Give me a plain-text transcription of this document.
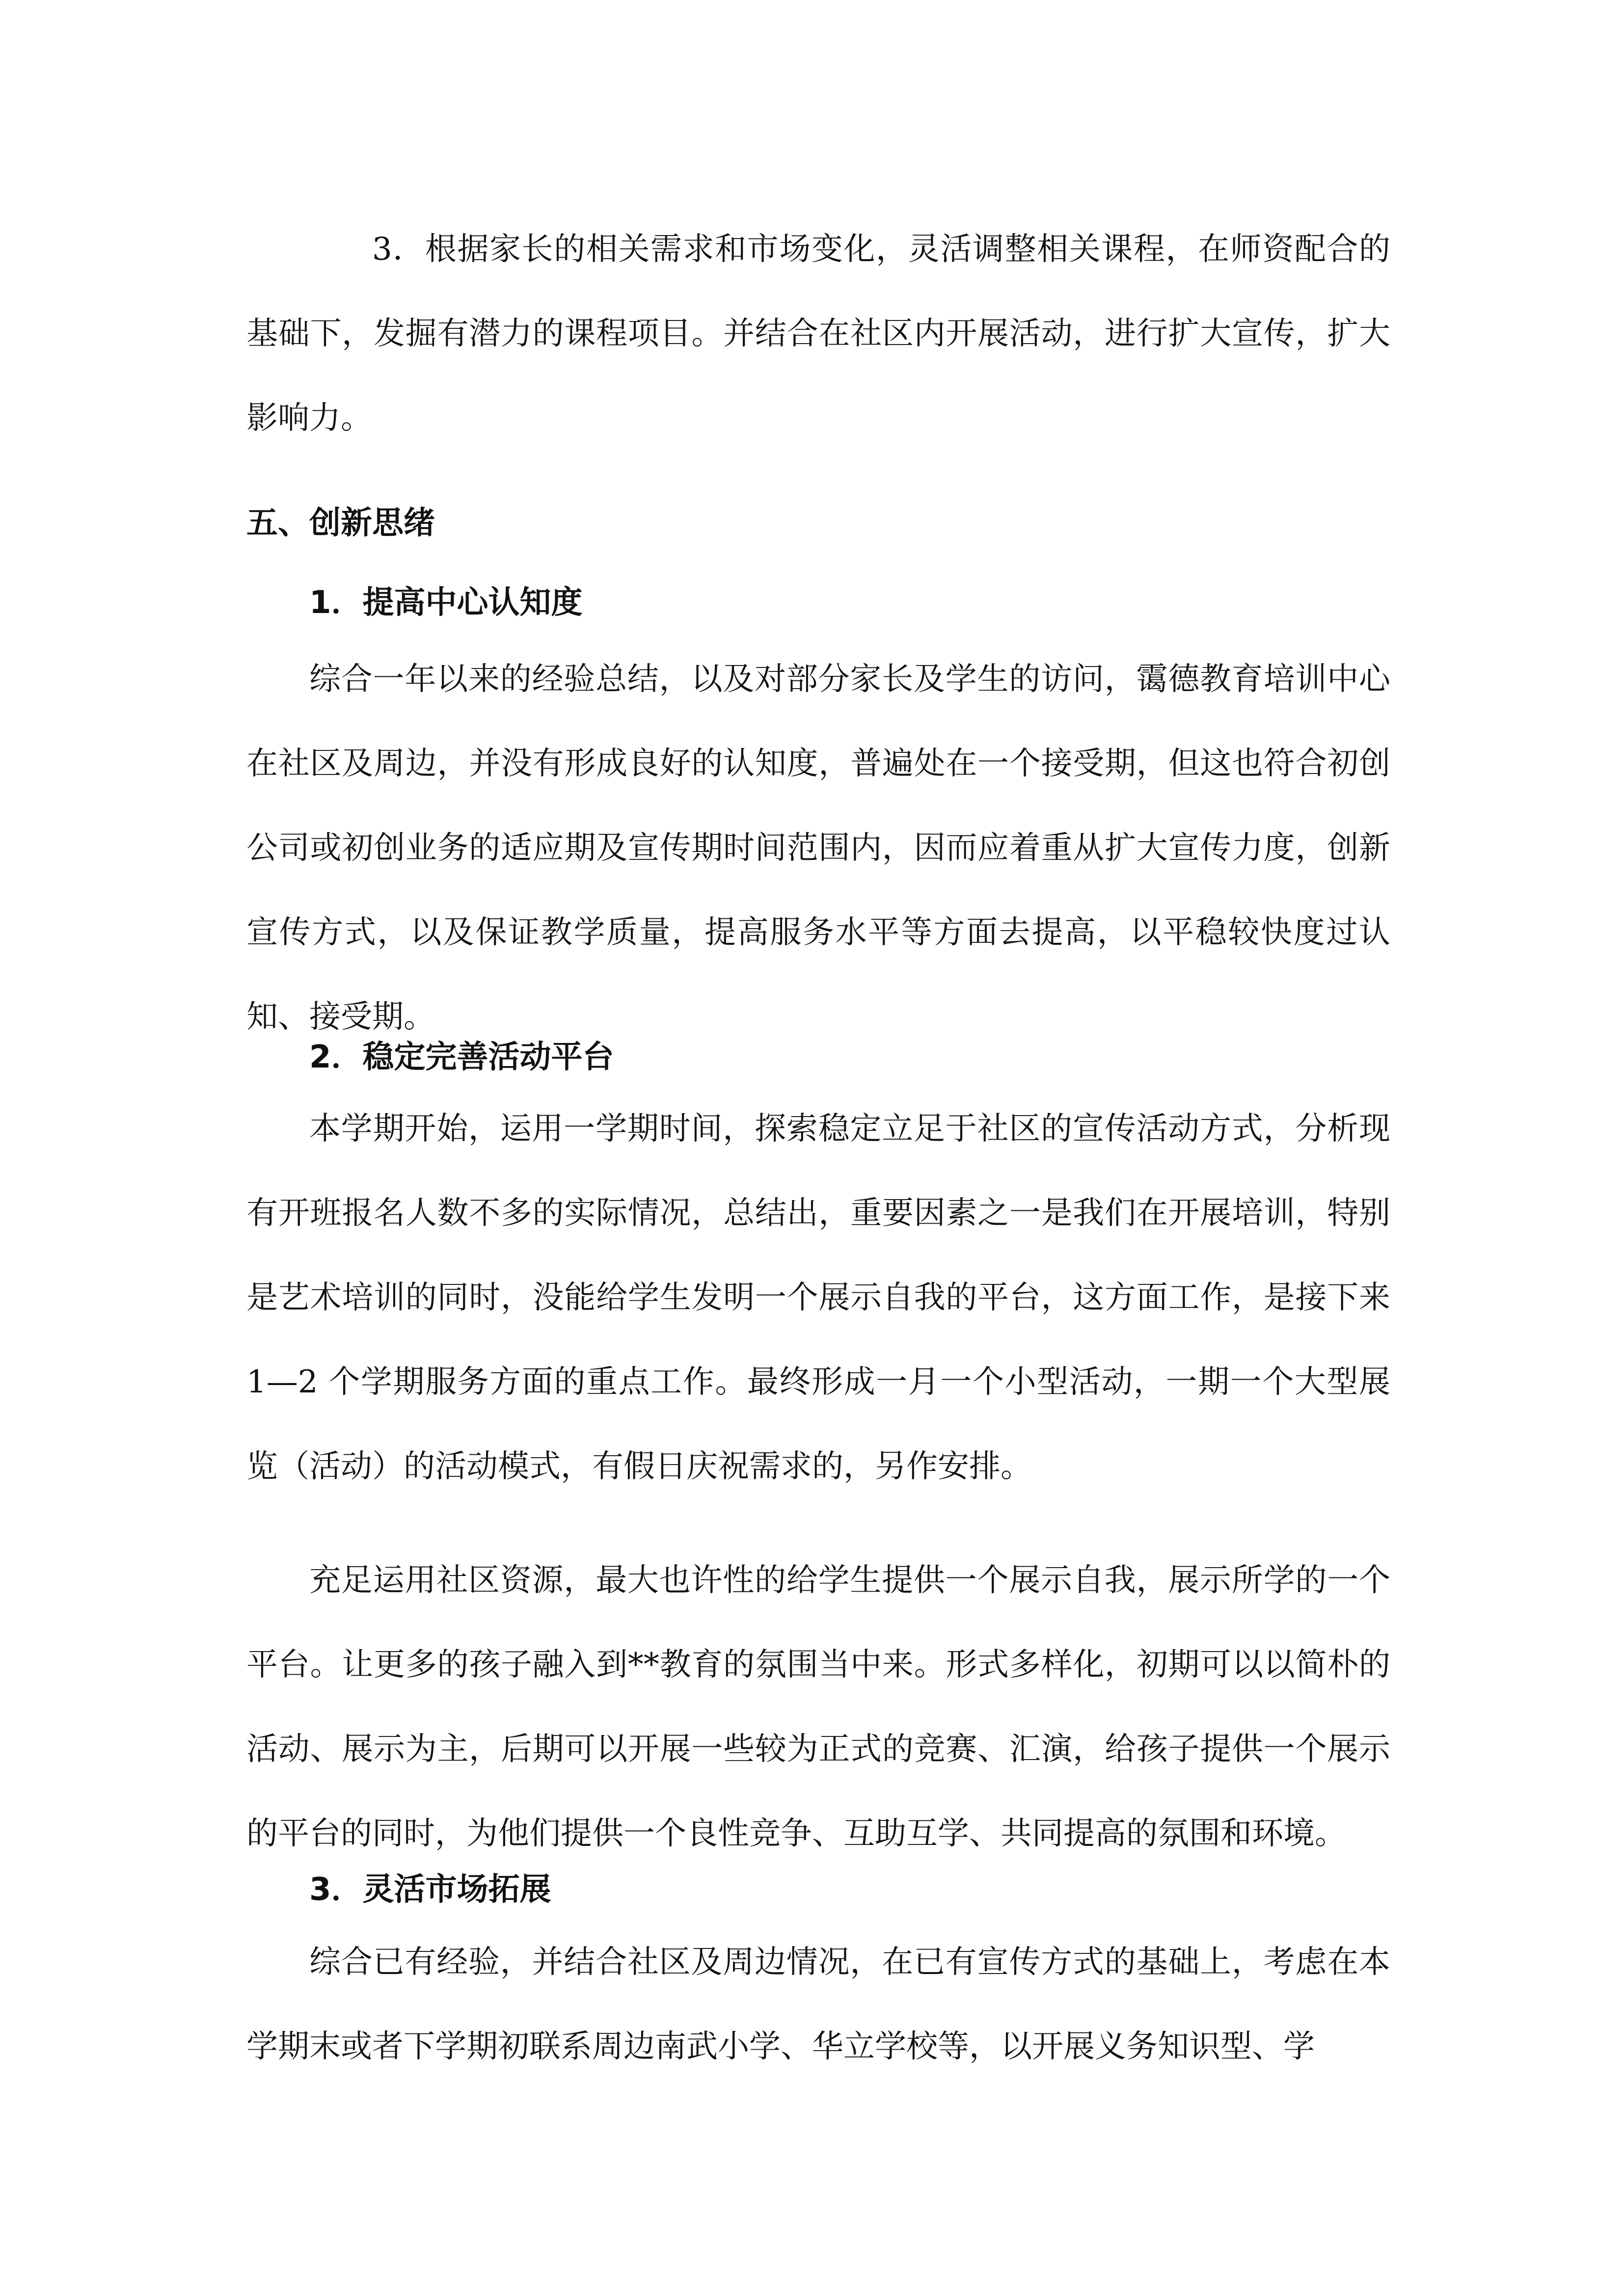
3．根据家长的相关需求和市场变化，灵活调整相关课程，在师资配合的基础下，发掘有潜力的课程项目。并结合在社区内开展活动，进行扩大宣传，扩大影响力。

五、创新思绪
1．提高中心认知度

综合一年以来的经验总结，以及对部分家长及学生的访问，霭德教育培训中心在社区及周边，并没有形成良好的认知度，普遍处在一个接受期，但这也符合初创公司或初创业务的适应期及宣传期时间范围内，因而应着重从扩大宣传力度，创新宣传方式，以及保证教学质量，提高服务水平等方面去提高，以平稳较快度过认知、接受期。

2．稳定完善活动平台

本学期开始，运用一学期时间，探索稳定立足于社区的宣传活动方式，分析现有开班报名人数不多的实际情况，总结出，重要因素之一是我们在开展培训，特别是艺术培训的同时，没能给学生发明一个展示自我的平台，这方面工作，是接下来 1—2 个学期服务方面的重点工作。最终形成一月一个小型活动，一期一个大型展览（活动）的活动模式，有假日庆祝需求的，另作安排。

充足运用社区资源，最大也许性的给学生提供一个展示自我，展示所学的一个平台。让更多的孩子融入到**教育的氛围当中来。形式多样化，初期可以以简朴的活动、展示为主，后期可以开展一些较为正式的竞赛、汇演，给孩子提供一个展示的平台的同时，为他们提供一个良性竞争、互助互学、共同提高的氛围和环境。

3．灵活市场拓展

综合已有经验，并结合社区及周边情况，在已有宣传方式的基础上，考虑在本学期末或者下学期初联系周边南武小学、华立学校等，以开展义务知识型、学
